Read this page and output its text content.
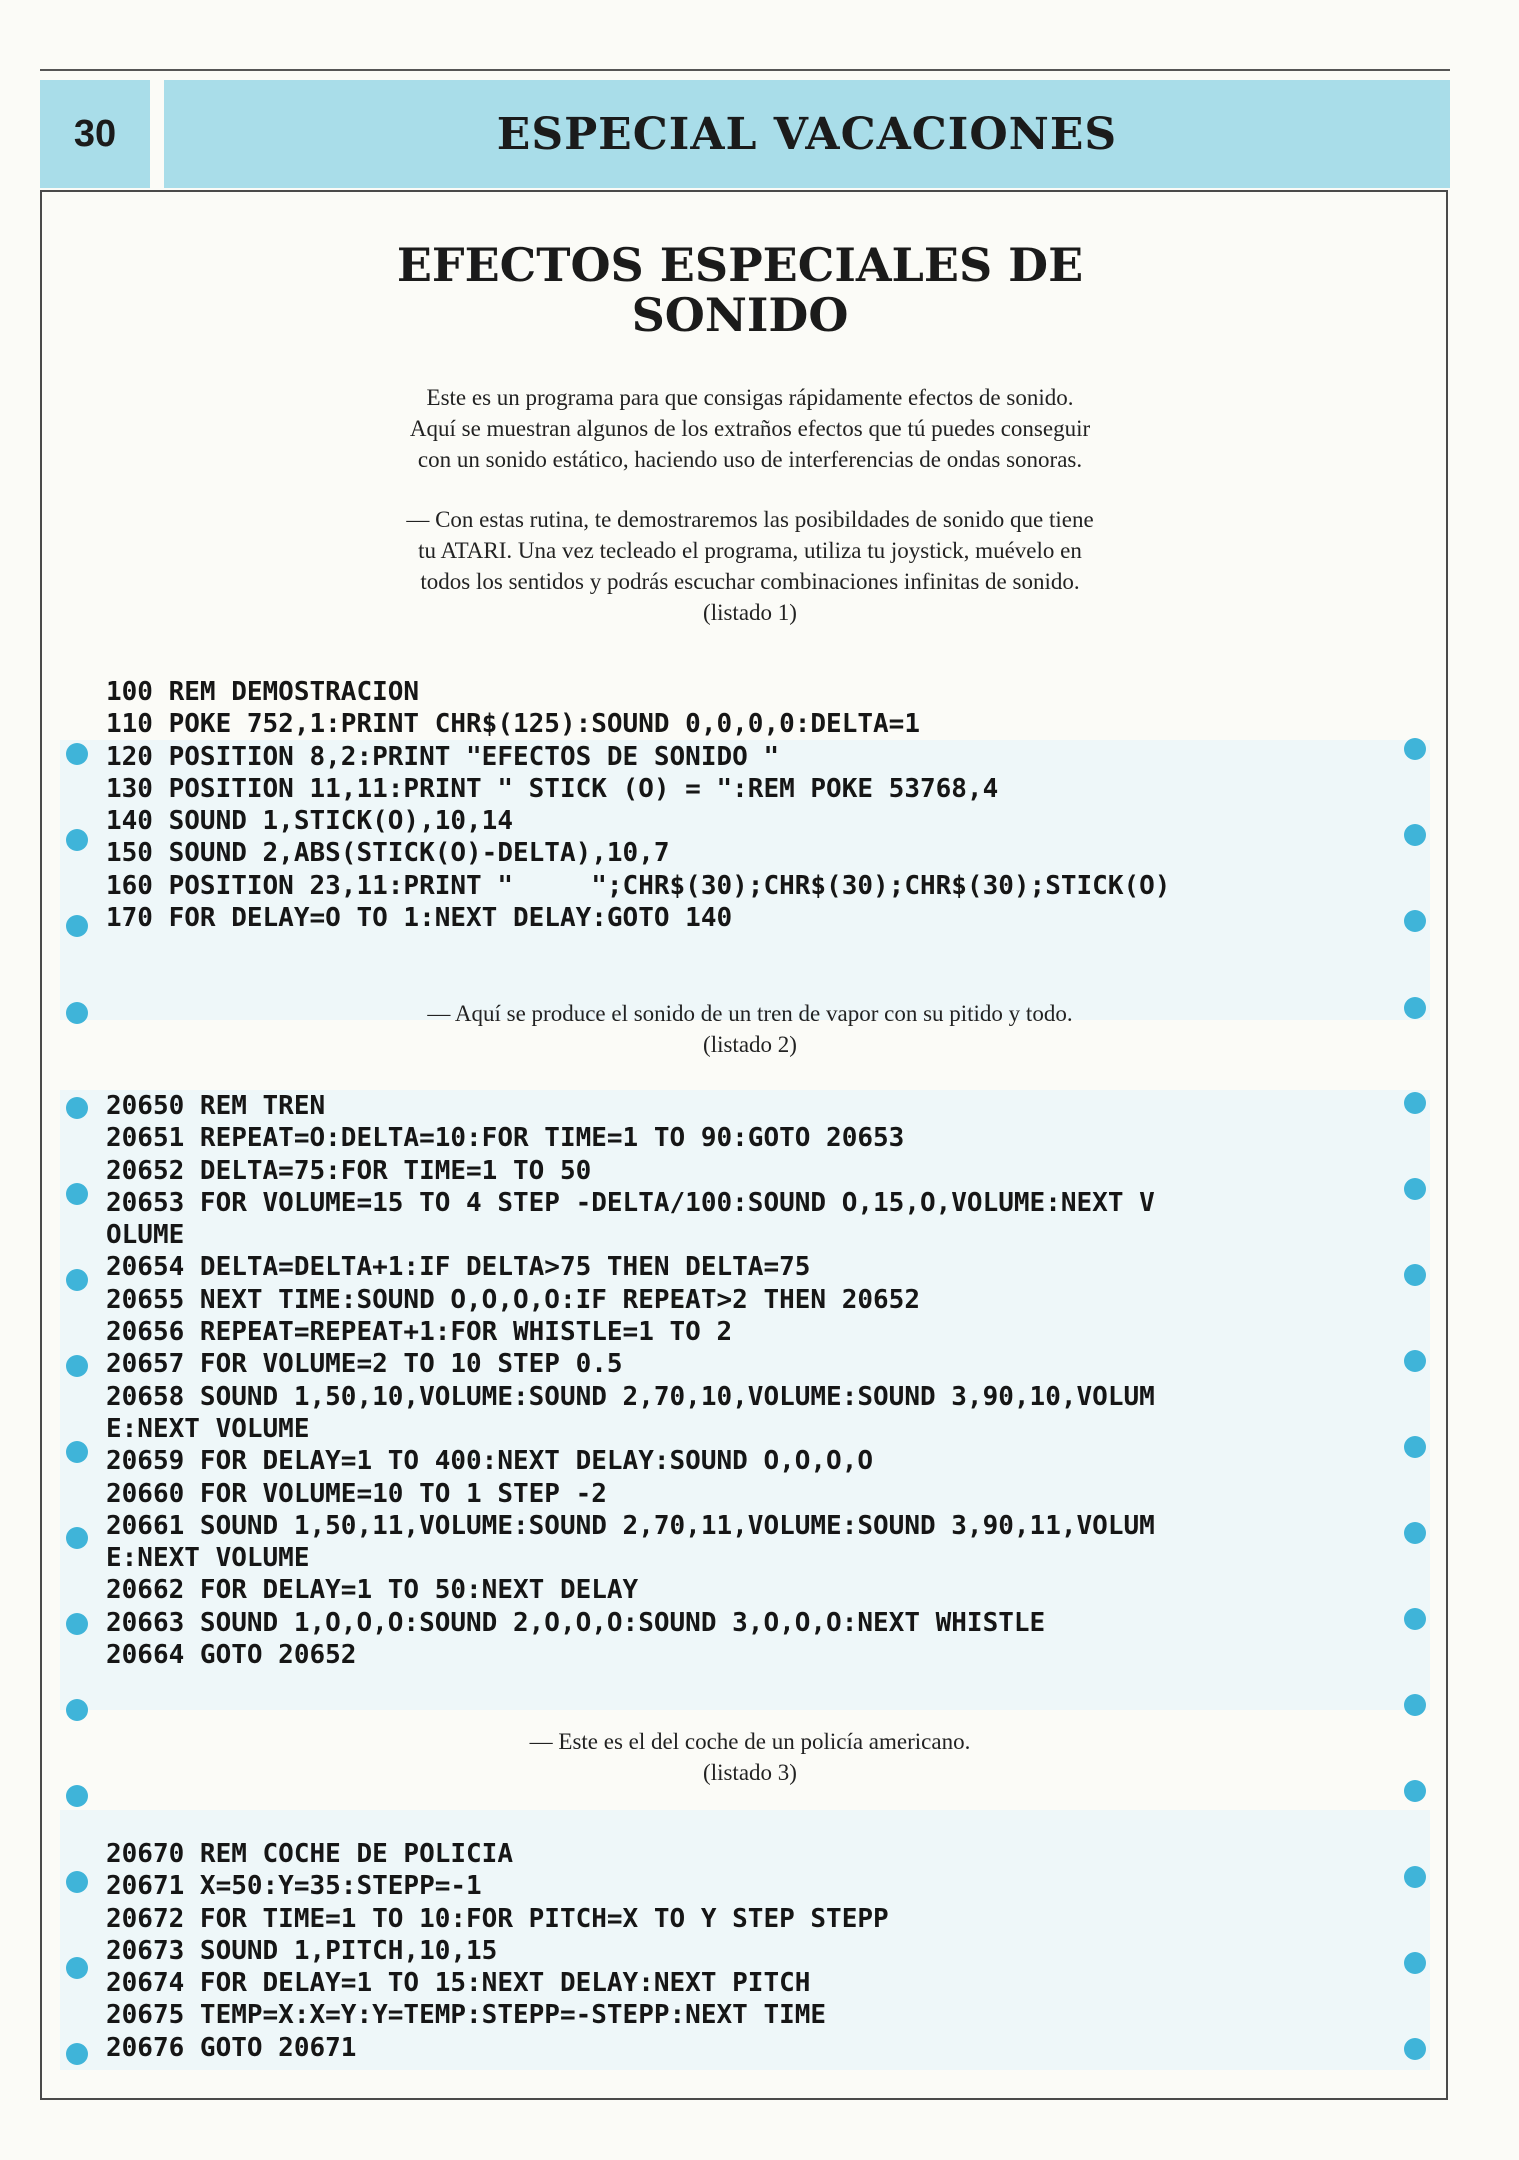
30	ESPECIAL VACACIONES
EFECTOS ESPECIALES DE
SONIDO
Este es un programa para que consigas rápidamente efectos de sonido.
Aquí se muestran algunos de los extraños efectos que tú puedes conseguir
con un sonido estático, haciendo uso de interferencias de ondas sonoras.
— Con estas rutina, te demostraremos las posibildades de sonido que tiene
tu ATARI. Una vez tecleado el programa, utiliza tu joystick, muévelo en
todos los sentidos y podrás escuchar combinaciones infinitas de sonido.
(listado 1)
100 REM DEMOSTRACION
110 POKE 752,1:PRINT CHR$(125):SOUND 0,0,0,0:DELTA=1
120 POSITION 8,2:PRINT "EFECTOS DE SONIDO "
130 POSITION 11,11:PRINT " STICK (O) = ":REM POKE 53768,4
140 SOUND 1,STICK(O),10,14
150 SOUND 2,ABS(STICK(O)-DELTA),10,7
160 POSITION 23,11:PRINT "     ";CHR$(30);CHR$(30);CHR$(30);STICK(O)
170 FOR DELAY=O TO 1:NEXT DELAY:GOTO 140
— Aquí se produce el sonido de un tren de vapor con su pitido y todo.
(listado 2)
20650 REM TREN
20651 REPEAT=O:DELTA=10:FOR TIME=1 TO 90:GOTO 20653
20652 DELTA=75:FOR TIME=1 TO 50
20653 FOR VOLUME=15 TO 4 STEP -DELTA/100:SOUND O,15,O,VOLUME:NEXT V
OLUME
20654 DELTA=DELTA+1:IF DELTA>75 THEN DELTA=75
20655 NEXT TIME:SOUND O,O,O,O:IF REPEAT>2 THEN 20652
20656 REPEAT=REPEAT+1:FOR WHISTLE=1 TO 2
20657 FOR VOLUME=2 TO 10 STEP 0.5
20658 SOUND 1,50,10,VOLUME:SOUND 2,70,10,VOLUME:SOUND 3,90,10,VOLUM
E:NEXT VOLUME
20659 FOR DELAY=1 TO 400:NEXT DELAY:SOUND O,O,O,O
20660 FOR VOLUME=10 TO 1 STEP -2
20661 SOUND 1,50,11,VOLUME:SOUND 2,70,11,VOLUME:SOUND 3,90,11,VOLUM
E:NEXT VOLUME
20662 FOR DELAY=1 TO 50:NEXT DELAY
20663 SOUND 1,O,O,O:SOUND 2,O,O,O:SOUND 3,O,O,O:NEXT WHISTLE
20664 GOTO 20652
— Este es el del coche de un policía americano.
(listado 3)
20670 REM COCHE DE POLICIA
20671 X=50:Y=35:STEPP=-1
20672 FOR TIME=1 TO 10:FOR PITCH=X TO Y STEP STEPP
20673 SOUND 1,PITCH,10,15
20674 FOR DELAY=1 TO 15:NEXT DELAY:NEXT PITCH
20675 TEMP=X:X=Y:Y=TEMP:STEPP=-STEPP:NEXT TIME
20676 GOTO 20671
